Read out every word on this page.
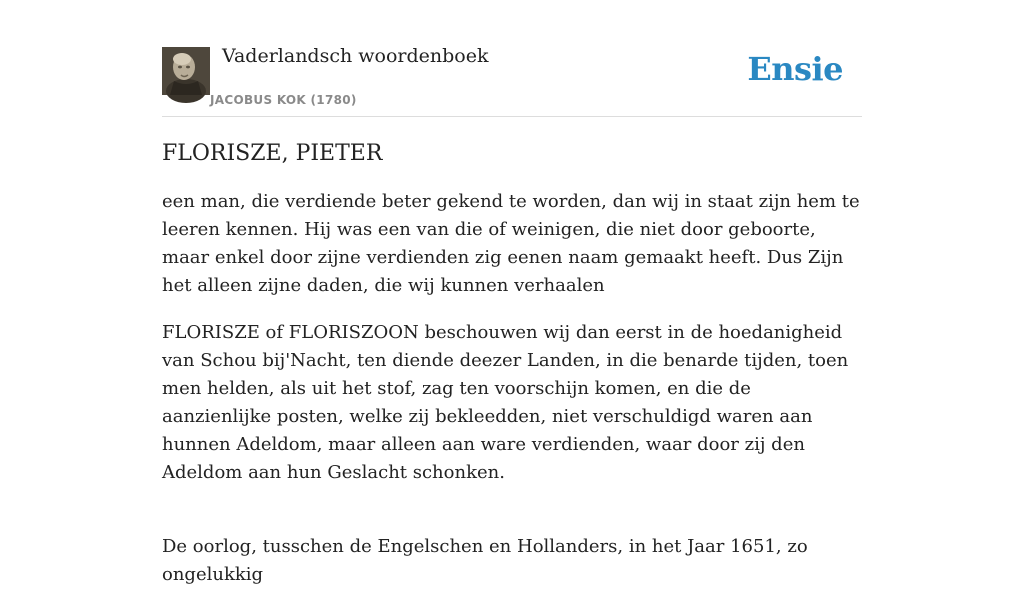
Vaderlandsch woordenboek
JACOBUS KOK (1780)
Ensie
FLORISZE, PIETER

een man, die verdiende beter gekend te worden, dan wij in staat zijn hem te leeren kennen. Hij was een van die of weinigen, die niet door geboorte, maar enkel door zijne verdienden zig eenen naam gemaakt heeft. Dus Zijn het alleen zijne daden, die wij kunnen verhaalen

FLORISZE of FLORISZOON beschouwen wij dan eerst in de hoedanigheid van Schou bij'Nacht, ten diende deezer Landen, in die benarde tijden, toen men helden, als uit het stof, zag ten voorschijn komen, en die de aanzienlijke posten, welke zij bekleedden, niet verschuldigd waren aan hunnen Adeldom, maar alleen aan ware verdienden, waar door zij den Adeldom aan hun Geslacht schonken.

De oorlog, tusschen de Engelschen en Hollanders, in het Jaar 1651, zo ongelukkig
